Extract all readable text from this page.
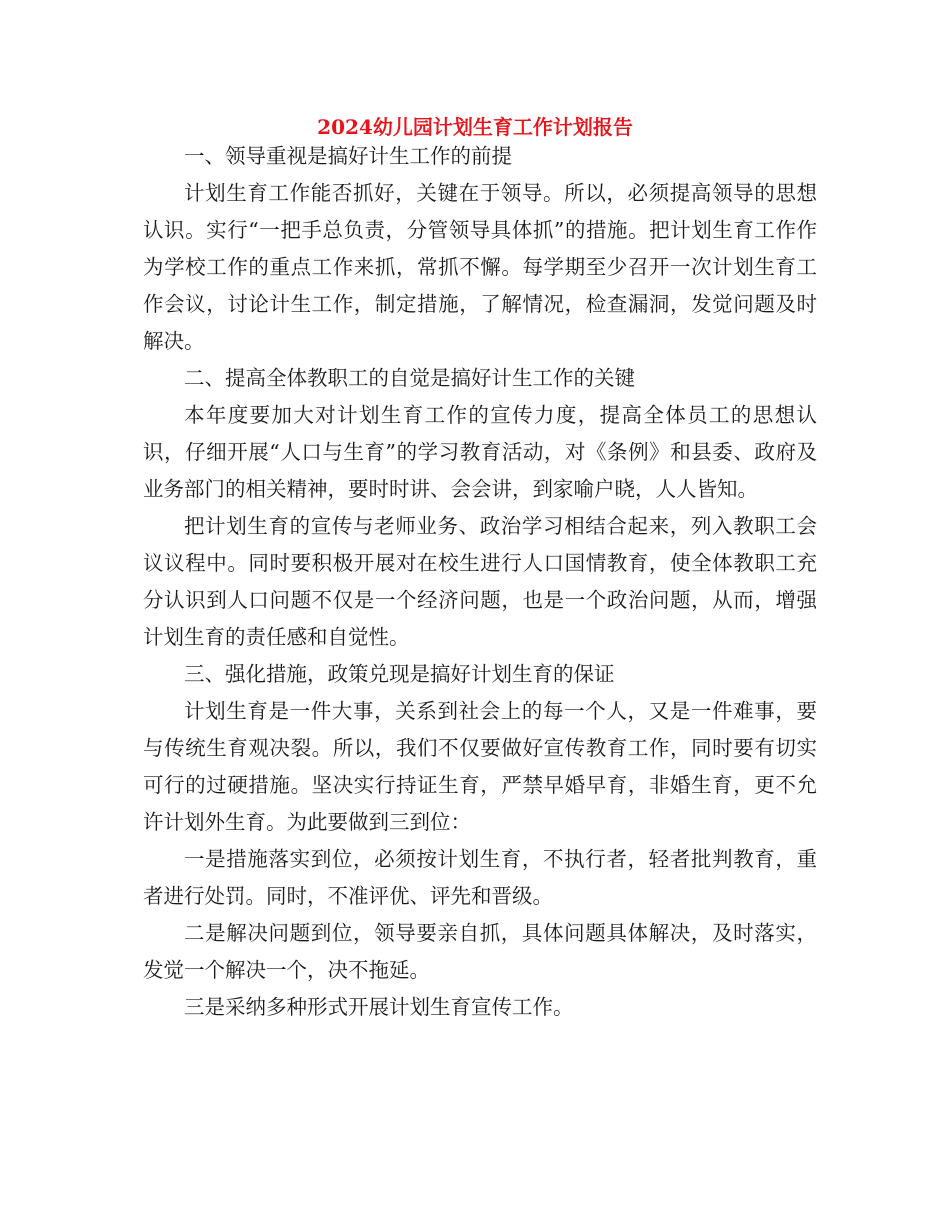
2024幼儿园计划生育工作计划报告

一、领导重视是搞好计生工作的前提

计划生育工作能否抓好，关键在于领导。所以，必须提高领导的思想认识。实行“一把手总负责，分管领导具体抓”的措施。把计划生育工作作为学校工作的重点工作来抓，常抓不懈。每学期至少召开一次计划生育工作会议，讨论计生工作，制定措施，了解情况，检查漏洞，发觉问题及时解决。

二、提高全体教职工的自觉是搞好计生工作的关键

本年度要加大对计划生育工作的宣传力度，提高全体员工的思想认识，仔细开展“人口与生育”的学习教育活动，对《条例》和县委、政府及业务部门的相关精神，要时时讲、会会讲，到家喻户晓，人人皆知。

把计划生育的宣传与老师业务、政治学习相结合起来，列入教职工会议议程中。同时要积极开展对在校生进行人口国情教育，使全体教职工充分认识到人口问题不仅是一个经济问题，也是一个政治问题，从而，增强计划生育的责任感和自觉性。

三、强化措施，政策兑现是搞好计划生育的保证

计划生育是一件大事，关系到社会上的每一个人，又是一件难事，要与传统生育观决裂。所以，我们不仅要做好宣传教育工作，同时要有切实可行的过硬措施。坚决实行持证生育，严禁早婚早育，非婚生育，更不允许计划外生育。为此要做到三到位：

一是措施落实到位，必须按计划生育，不执行者，轻者批判教育，重者进行处罚。同时，不准评优、评先和晋级。

二是解决问题到位，领导要亲自抓，具体问题具体解决，及时落实，发觉一个解决一个，决不拖延。

三是采纳多种形式开展计划生育宣传工作。
